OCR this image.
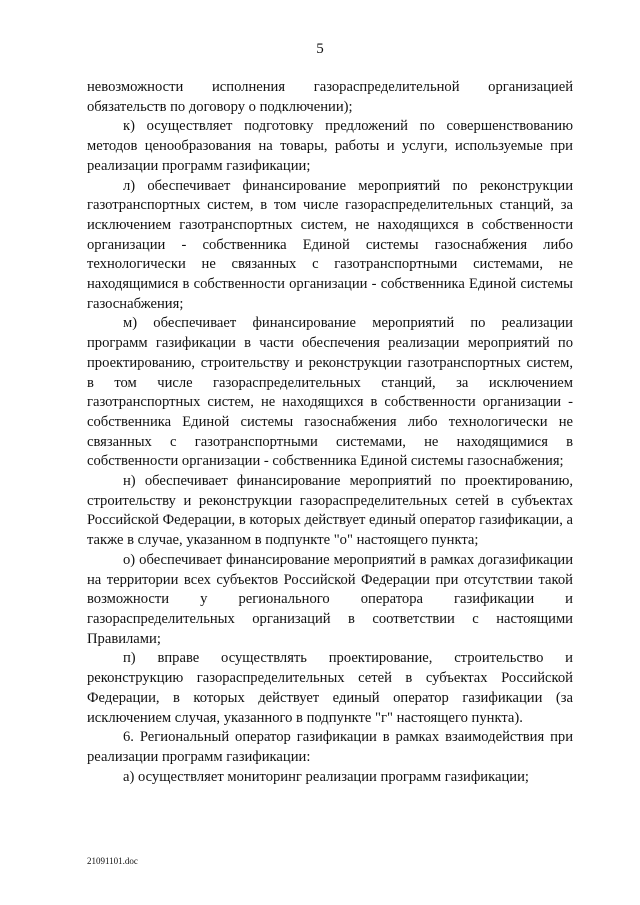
5

невозможности исполнения газораспределительной организацией обязательств по договору о подключении);

к) осуществляет подготовку предложений по совершенствованию методов ценообразования на товары, работы и услуги, используемые при реализации программ газификации;

л) обеспечивает финансирование мероприятий по реконструкции газотранспортных систем, в том числе газораспределительных станций, за исключением газотранспортных систем, не находящихся в собственности организации - собственника Единой системы газоснабжения либо технологически не связанных с газотранспортными системами, не находящимися в собственности организации - собственника Единой системы газоснабжения;

м) обеспечивает финансирование мероприятий по реализации программ газификации в части обеспечения реализации мероприятий по проектированию, строительству и реконструкции газотранспортных систем, в том числе газораспределительных станций, за исключением газотранспортных систем, не находящихся в собственности организации - собственника Единой системы газоснабжения либо технологически не связанных с газотранспортными системами, не находящимися в собственности организации - собственника Единой системы газоснабжения;

н) обеспечивает финансирование мероприятий по проектированию, строительству и реконструкции газораспределительных сетей в субъектах Российской Федерации, в которых действует единый оператор газификации, а также в случае, указанном в подпункте "о" настоящего пункта;

о) обеспечивает финансирование мероприятий в рамках догазификации на территории всех субъектов Российской Федерации при отсутствии такой возможности у регионального оператора газификации и газораспределительных организаций в соответствии с настоящими Правилами;

п) вправе осуществлять проектирование, строительство и реконструкцию газораспределительных сетей в субъектах Российской Федерации, в которых действует единый оператор газификации (за исключением случая, указанного в подпункте "г" настоящего пункта).

6. Региональный оператор газификации в рамках взаимодействия при реализации программ газификации:

а) осуществляет мониторинг реализации программ газификации;

21091101.doc
